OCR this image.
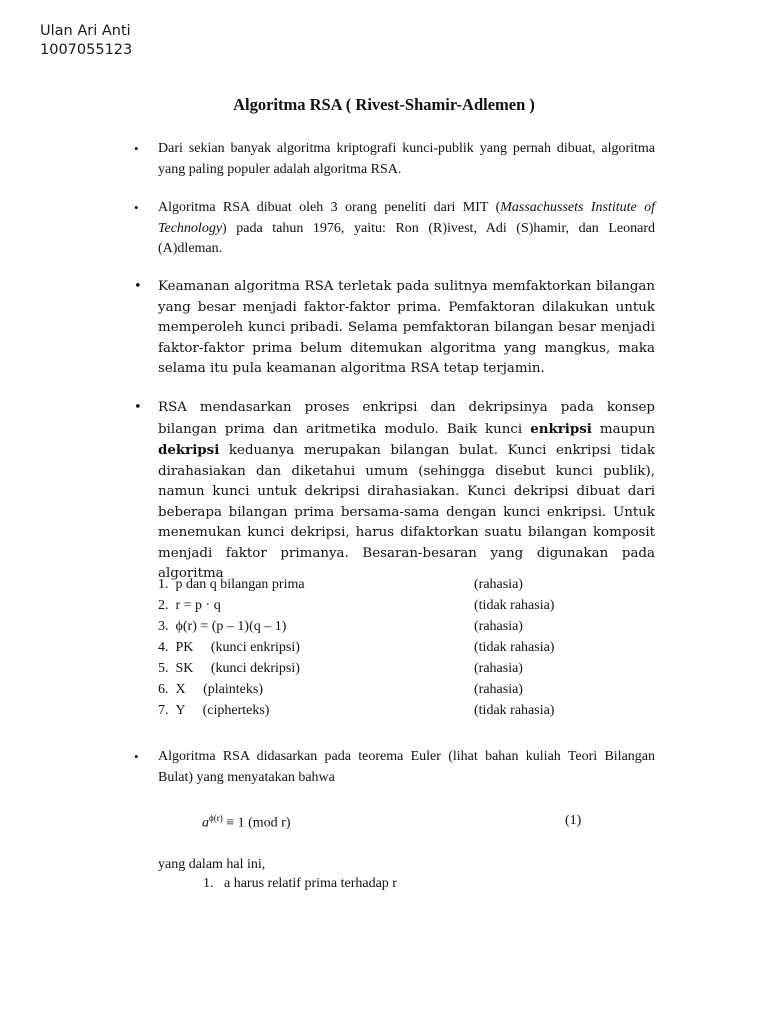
Ulan Ari Anti
1007055123
Algoritma RSA ( Rivest-Shamir-Adlemen )
• Dari sekian banyak algoritma kriptografi kunci-publik yang pernah dibuat, algoritma yang paling populer adalah algoritma RSA.
• Algoritma RSA dibuat oleh 3 orang peneliti dari MIT (Massachussets Institute of Technology) pada tahun 1976, yaitu: Ron (R)ivest, Adi (S)hamir, dan Leonard (A)dleman.
• Keamanan algoritma RSA terletak pada sulitnya memfaktorkan bilangan yang besar menjadi faktor-faktor prima. Pemfaktoran dilakukan untuk memperoleh kunci pribadi. Selama pemfaktoran bilangan besar menjadi faktor-faktor prima belum ditemukan algoritma yang mangkus, maka selama itu pula keamanan algoritma RSA tetap terjamin.
• RSA mendasarkan proses enkripsi dan dekripsinya pada konsep bilangan prima dan aritmetika modulo. Baik kunci enkripsi maupun dekripsi keduanya merupakan bilangan bulat. Kunci enkripsi tidak dirahasiakan dan diketahui umum (sehingga disebut kunci publik), namun kunci untuk dekripsi dirahasiakan. Kunci dekripsi dibuat dari beberapa bilangan prima bersama-sama dengan kunci enkripsi. Untuk menemukan kunci dekripsi, harus difaktorkan suatu bilangan komposit menjadi faktor primanya. Besaran-besaran yang digunakan pada algoritma
1. p dan q bilangan prima	(rahasia)
2. r = p · q	(tidak rahasia)
3. ϕ(r) = (p – 1)(q – 1)	(rahasia)
4. PK     (kunci enkripsi)	(tidak rahasia)
5. SK     (kunci dekripsi)	(rahasia)
6. X     (plainteks)	(rahasia)
7. Y     (cipherteks)	(tidak rahasia)
• Algoritma RSA didasarkan pada teorema Euler (lihat bahan kuliah Teori Bilangan Bulat) yang menyatakan bahwa
$a^{\phi(r)} \equiv 1$ (mod r)	(1)
yang dalam hal ini,
1. a harus relatif prima terhadap r
